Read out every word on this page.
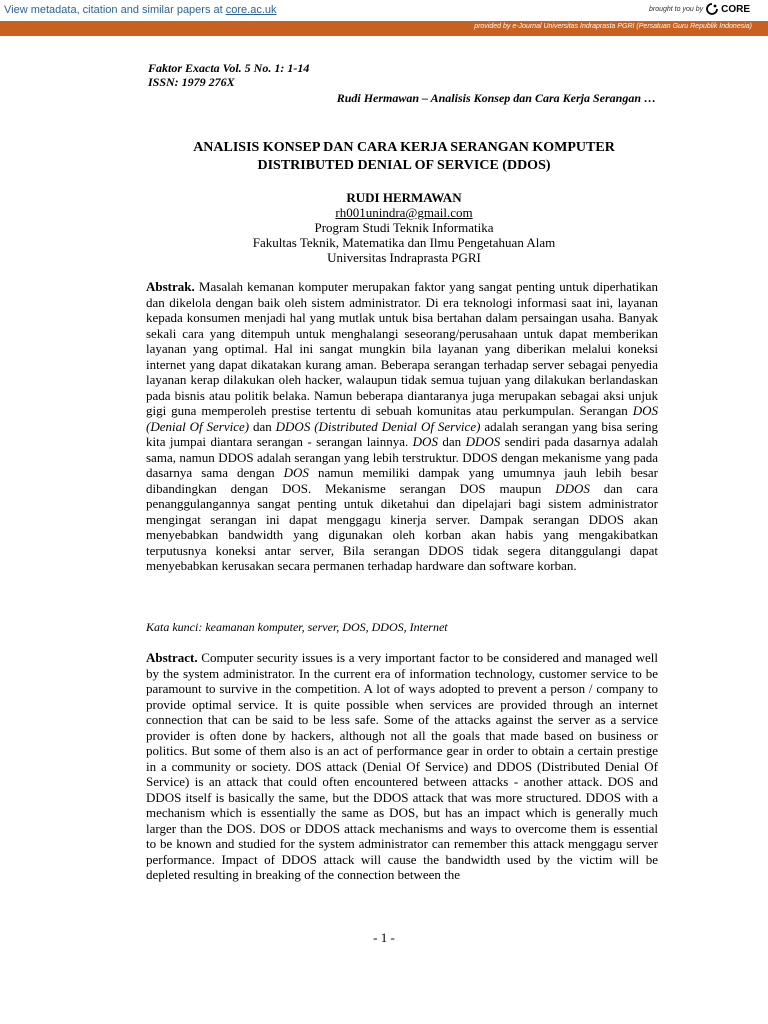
View metadata, citation and similar papers at core.ac.uk	brought to you by CORE
provided by e-Journal Universitas Indraprasta PGRI (Persatuan Guru Republik Indonesia)
Faktor Exacta Vol. 5 No. 1: 1-14
ISSN: 1979 276X
Rudi Hermawan – Analisis Konsep dan Cara Kerja Serangan …
ANALISIS KONSEP DAN CARA KERJA SERANGAN KOMPUTER
DISTRIBUTED DENIAL OF SERVICE (DDOS)
RUDI HERMAWAN
rh001unindra@gmail.com
Program Studi Teknik Informatika
Fakultas Teknik, Matematika dan Ilmu Pengetahuan Alam
Universitas Indraprasta PGRI
Abstrak. Masalah kemanan komputer merupakan faktor yang sangat penting untuk diperhatikan dan dikelola dengan baik oleh sistem administrator. Di era teknologi informasi saat ini, layanan kepada konsumen menjadi hal yang mutlak untuk bisa bertahan dalam persaingan usaha. Banyak sekali cara yang ditempuh untuk menghalangi seseorang/perusahaan untuk dapat memberikan layanan yang optimal. Hal ini sangat mungkin bila layanan yang diberikan melalui koneksi internet yang dapat dikatakan kurang aman. Beberapa serangan terhadap server sebagai penyedia layanan kerap dilakukan oleh hacker, walaupun tidak semua tujuan yang dilakukan berlandaskan pada bisnis atau politik belaka. Namun beberapa diantaranya juga merupakan sebagai aksi unjuk gigi guna memperoleh prestise tertentu di sebuah komunitas atau perkumpulan. Serangan DOS (Denial Of Service) dan DDOS (Distributed Denial Of Service) adalah serangan yang bisa sering kita jumpai diantara serangan - serangan lainnya. DOS dan DDOS sendiri pada dasarnya adalah sama, namun DDOS adalah serangan yang lebih terstruktur. DDOS dengan mekanisme yang pada dasarnya sama dengan DOS namun memiliki dampak yang umumnya jauh lebih besar dibandingkan dengan DOS. Mekanisme serangan DOS maupun DDOS dan cara penanggulangannya sangat penting untuk diketahui dan dipelajari bagi sistem administrator mengingat serangan ini dapat menggagu kinerja server. Dampak serangan DDOS akan menyebabkan bandwidth yang digunakan oleh korban akan habis yang mengakibatkan terputusnya koneksi antar server, Bila serangan DDOS tidak segera ditanggulangi dapat menyebabkan kerusakan secara permanen terhadap hardware dan software korban.
Kata kunci: keamanan komputer, server, DOS, DDOS, Internet
Abstract. Computer security issues is a very important factor to be considered and managed well by the system administrator. In the current era of information technology, customer service to be paramount to survive in the competition. A lot of ways adopted to prevent a person / company to provide optimal service. It is quite possible when services are provided through an internet connection that can be said to be less safe. Some of the attacks against the server as a service provider is often done by hackers, although not all the goals that made based on business or politics. But some of them also is an act of performance gear in order to obtain a certain prestige in a community or society. DOS attack (Denial Of Service) and DDOS (Distributed Denial Of Service) is an attack that could often encountered between attacks - another attack. DOS and DDOS itself is basically the same, but the DDOS attack that was more structured. DDOS with a mechanism which is essentially the same as DOS, but has an impact which is generally much larger than the DOS. DOS or DDOS attack mechanisms and ways to overcome them is essential to be known and studied for the system administrator can remember this attack menggagu server performance. Impact of DDOS attack will cause the bandwidth used by the victim will be depleted resulting in breaking of the connection between the
- 1 -
